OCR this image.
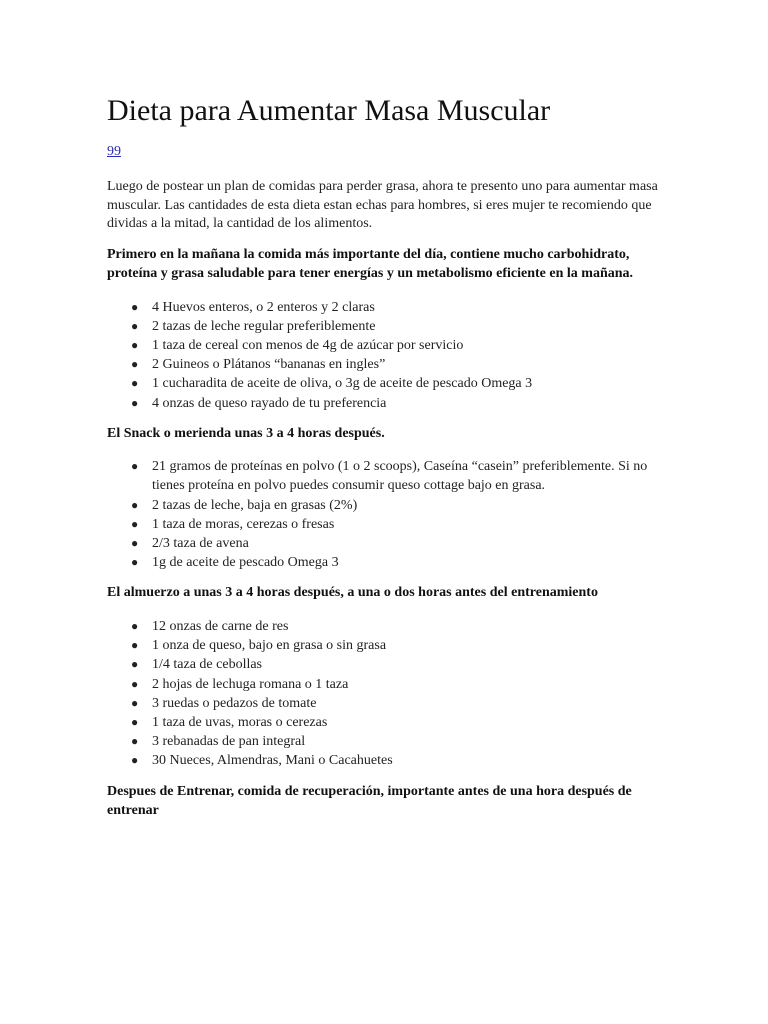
Dieta para Aumentar Masa Muscular
99

Luego de postear un plan de comidas para perder grasa, ahora te presento uno para aumentar masa muscular. Las cantidades de esta dieta estan echas para hombres, si eres mujer te recomiendo que dividas a la mitad, la cantidad de los alimentos.

Primero en la mañana la comida más importante del día, contiene mucho carbohidrato, proteína y grasa saludable para tener energías y un metabolismo eficiente en la mañana.

● 4 Huevos enteros, o 2 enteros y 2 claras
● 2 tazas de leche regular preferiblemente
● 1 taza de cereal con menos de 4g de azúcar por servicio
● 2 Guineos o Plátanos “bananas en ingles”
● 1 cucharadita de aceite de oliva, o 3g de aceite de pescado Omega 3
● 4 onzas de queso rayado de tu preferencia

El Snack o merienda unas 3 a 4 horas después.

● 21 gramos de proteínas en polvo (1 o 2 scoops), Caseína “casein” preferiblemente. Si no tienes proteína en polvo puedes consumir queso cottage bajo en grasa.
● 2 tazas de leche, baja en grasas (2%)
● 1 taza de moras, cerezas o fresas
● 2/3 taza de avena
● 1g de aceite de pescado Omega 3

El almuerzo a unas 3 a 4 horas después, a una o dos horas antes del entrenamiento

● 12 onzas de carne de res
● 1 onza de queso, bajo en grasa o sin grasa
● 1/4 taza de cebollas
● 2 hojas de lechuga romana o 1 taza
● 3 ruedas o pedazos de tomate
● 1 taza de uvas, moras o cerezas
● 3 rebanadas de pan integral
● 30 Nueces, Almendras, Mani o Cacahuetes

Despues de Entrenar, comida de recuperación, importante antes de una hora después de entrenar
